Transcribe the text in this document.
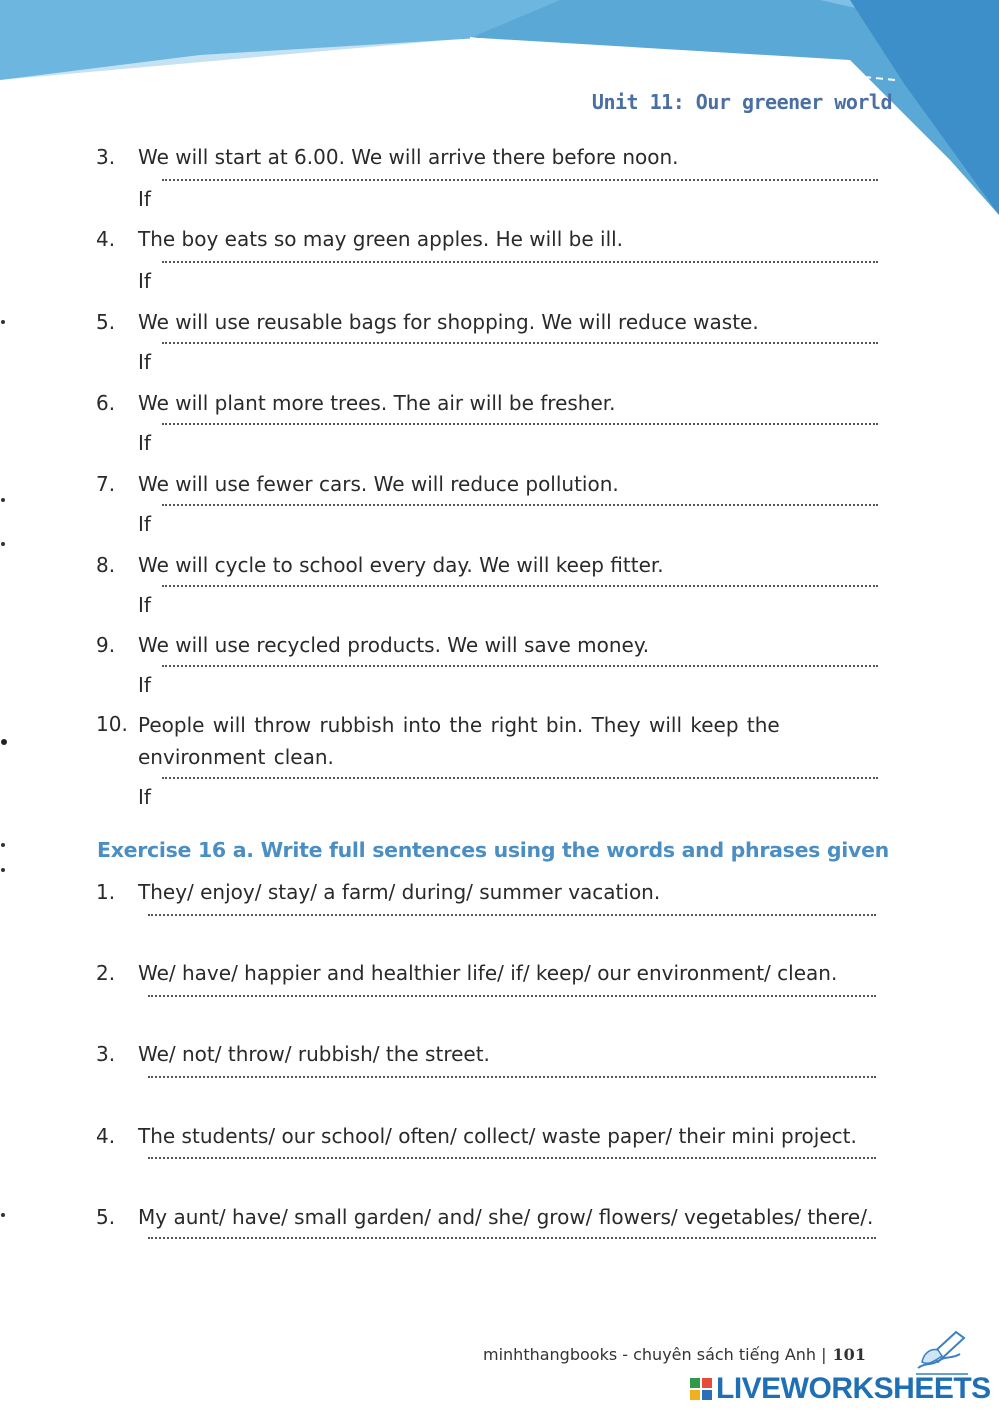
Unit 11: Our greener world
3.	We will start at 6.00. We will arrive there before noon.
If
4.	The boy eats so may green apples. He will be ill.
If
5.	We will use reusable bags for shopping. We will reduce waste.
If
6.	We will plant more trees. The air will be fresher.
If
7.	We will use fewer cars. We will reduce pollution.
If
8.	We will cycle to school every day. We will keep fitter.
If
9.	We will use recycled products. We will save money.
If
10. People will throw rubbish into the right bin. They will keep the environment clean.
If
Exercise 16 a. Write full sentences using the words and phrases given
1.	They/ enjoy/ stay/ a farm/ during/ summer vacation.
2.	We/ have/ happier and healthier life/ if/ keep/ our environment/ clean.
3.	We/ not/ throw/ rubbish/ the street.
4.	The students/ our school/ often/ collect/ waste paper/ their mini project.
5.	My aunt/ have/ small garden/ and/ she/ grow/ flowers/ vegetables/ there/.
minhthangbooks - chuyên sách tiếng Anh | 101
LIVEWORKSHEETS
